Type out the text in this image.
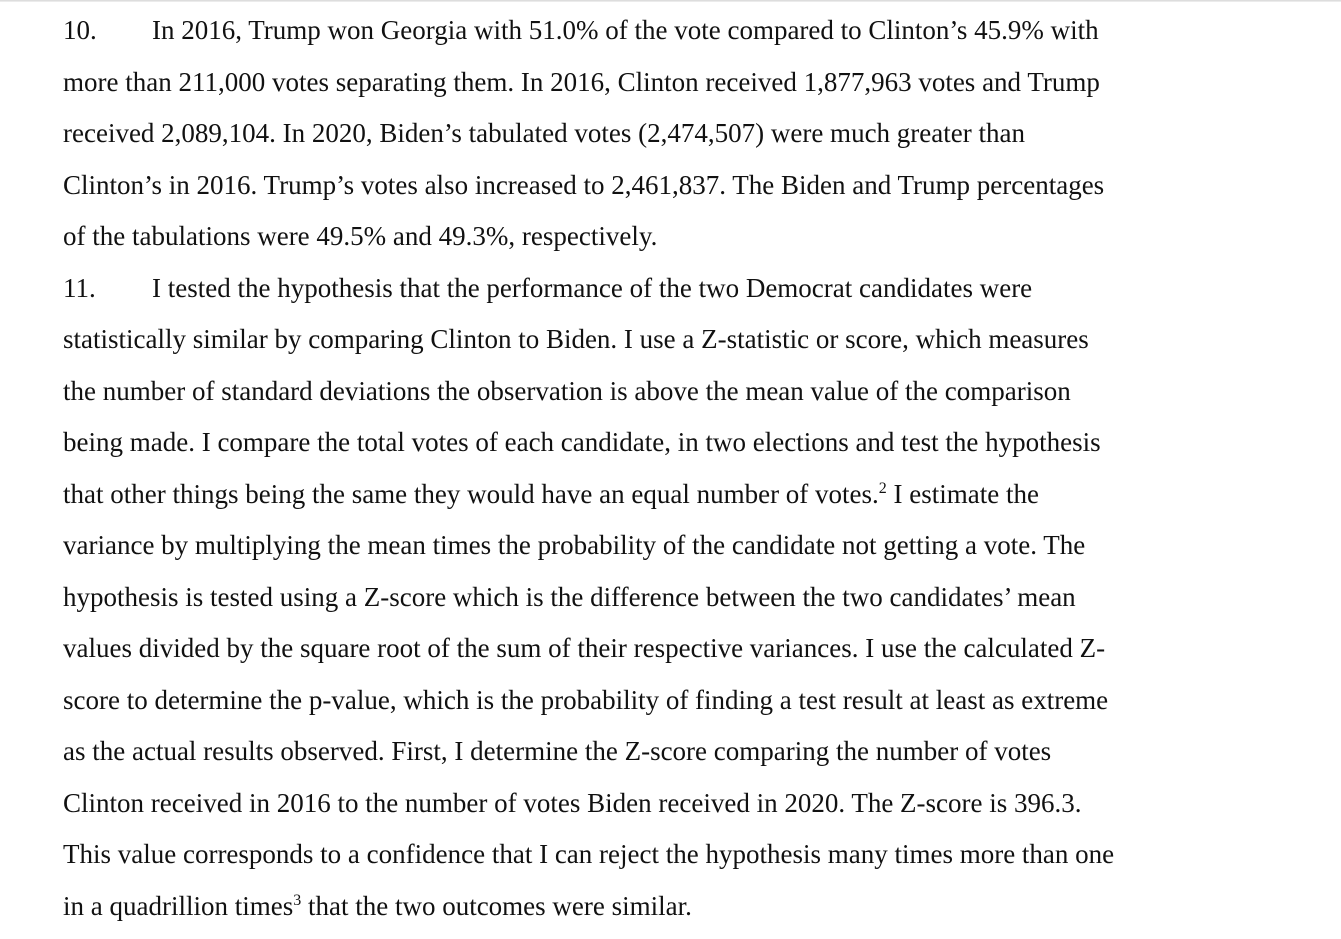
10. In 2016, Trump won Georgia with 51.0% of the vote compared to Clinton’s 45.9% with
more than 211,000 votes separating them. In 2016, Clinton received 1,877,963 votes and Trump
received 2,089,104. In 2020, Biden’s tabulated votes (2,474,507) were much greater than
Clinton’s in 2016. Trump’s votes also increased to 2,461,837. The Biden and Trump percentages
of the tabulations were 49.5% and 49.3%, respectively.
11. I tested the hypothesis that the performance of the two Democrat candidates were
statistically similar by comparing Clinton to Biden. I use a Z-statistic or score, which measures
the number of standard deviations the observation is above the mean value of the comparison
being made. I compare the total votes of each candidate, in two elections and test the hypothesis
that other things being the same they would have an equal number of votes.$^2$ I estimate the
variance by multiplying the mean times the probability of the candidate not getting a vote. The
hypothesis is tested using a Z-score which is the difference between the two candidates’ mean
values divided by the square root of the sum of their respective variances. I use the calculated Z-
score to determine the p-value, which is the probability of finding a test result at least as extreme
as the actual results observed. First, I determine the Z-score comparing the number of votes
Clinton received in 2016 to the number of votes Biden received in 2020. The Z-score is 396.3.
This value corresponds to a confidence that I can reject the hypothesis many times more than one
in a quadrillion times$^3$ that the two outcomes were similar.
